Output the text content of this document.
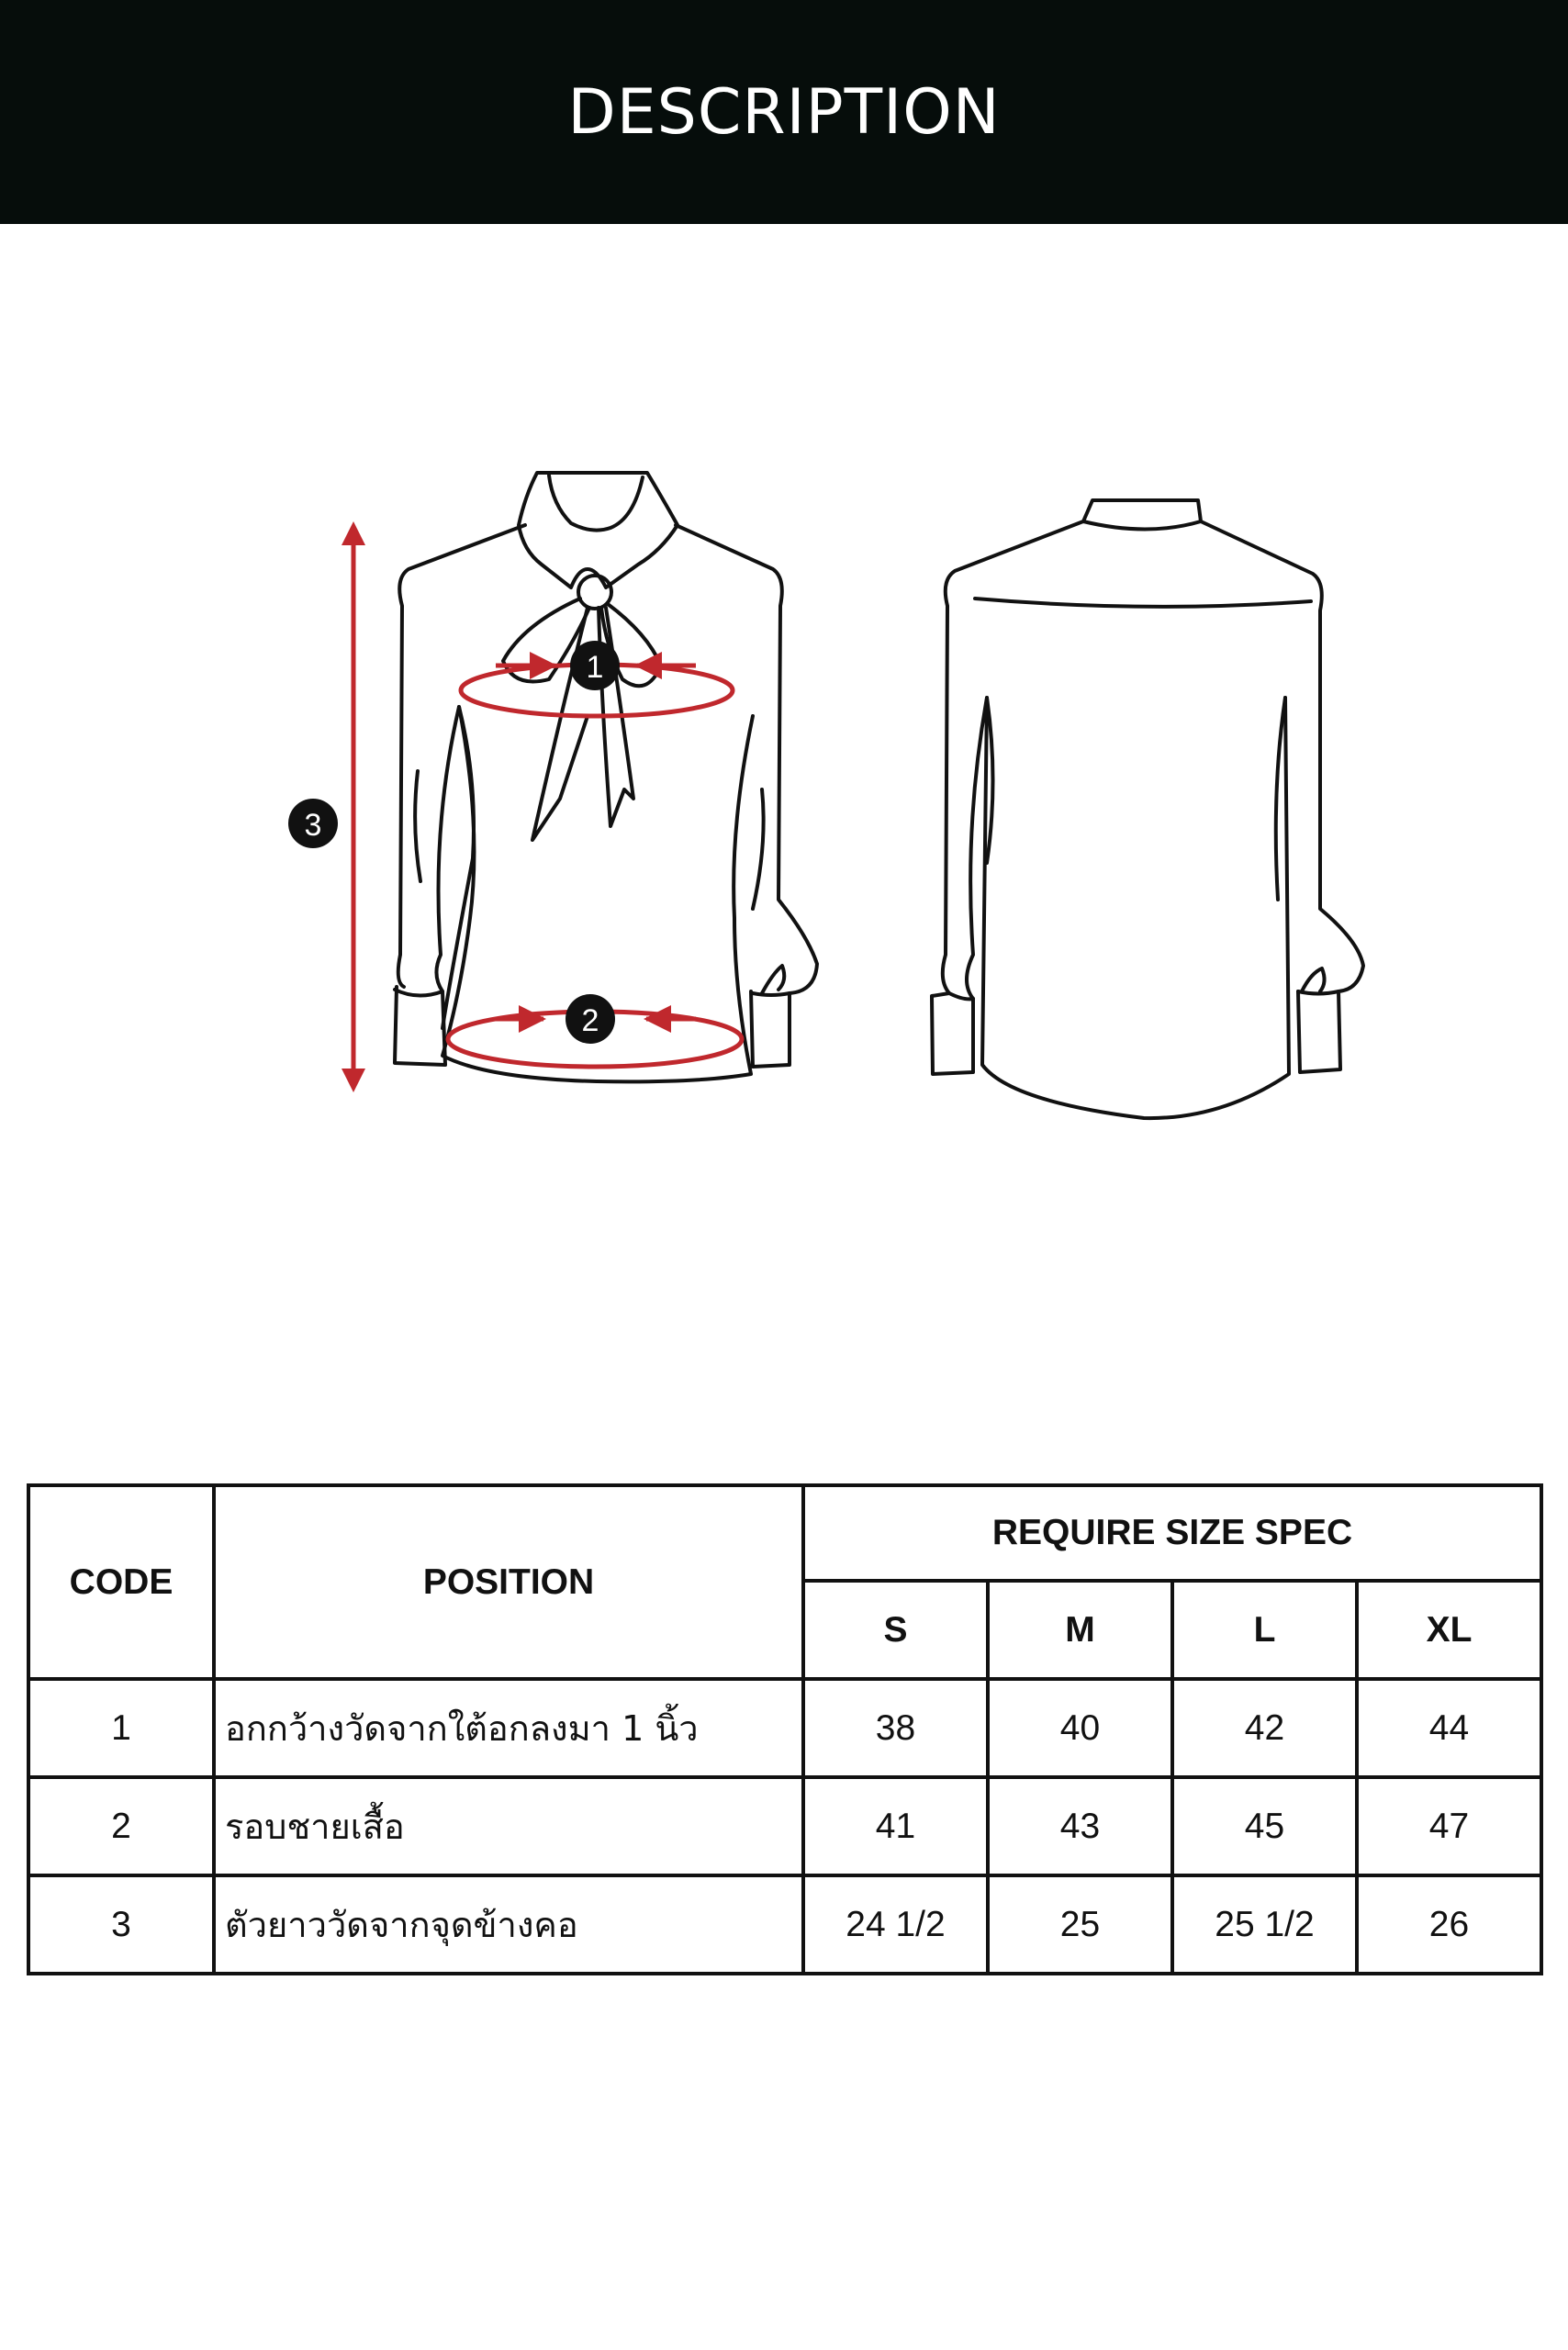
DESCRIPTION
1
2
3
CODE	POSITION	REQUIRE SIZE SPEC			
		S	M	L	XL
1	อกกว้างวัดจากใต้อกลงมา 1 นิ้ว	38	40	42	44
2	รอบชายเสื้อ	41	43	45	47
3	ตัวยาววัดจากจุดข้างคอ	24 1/2	25	25 1/2	26
